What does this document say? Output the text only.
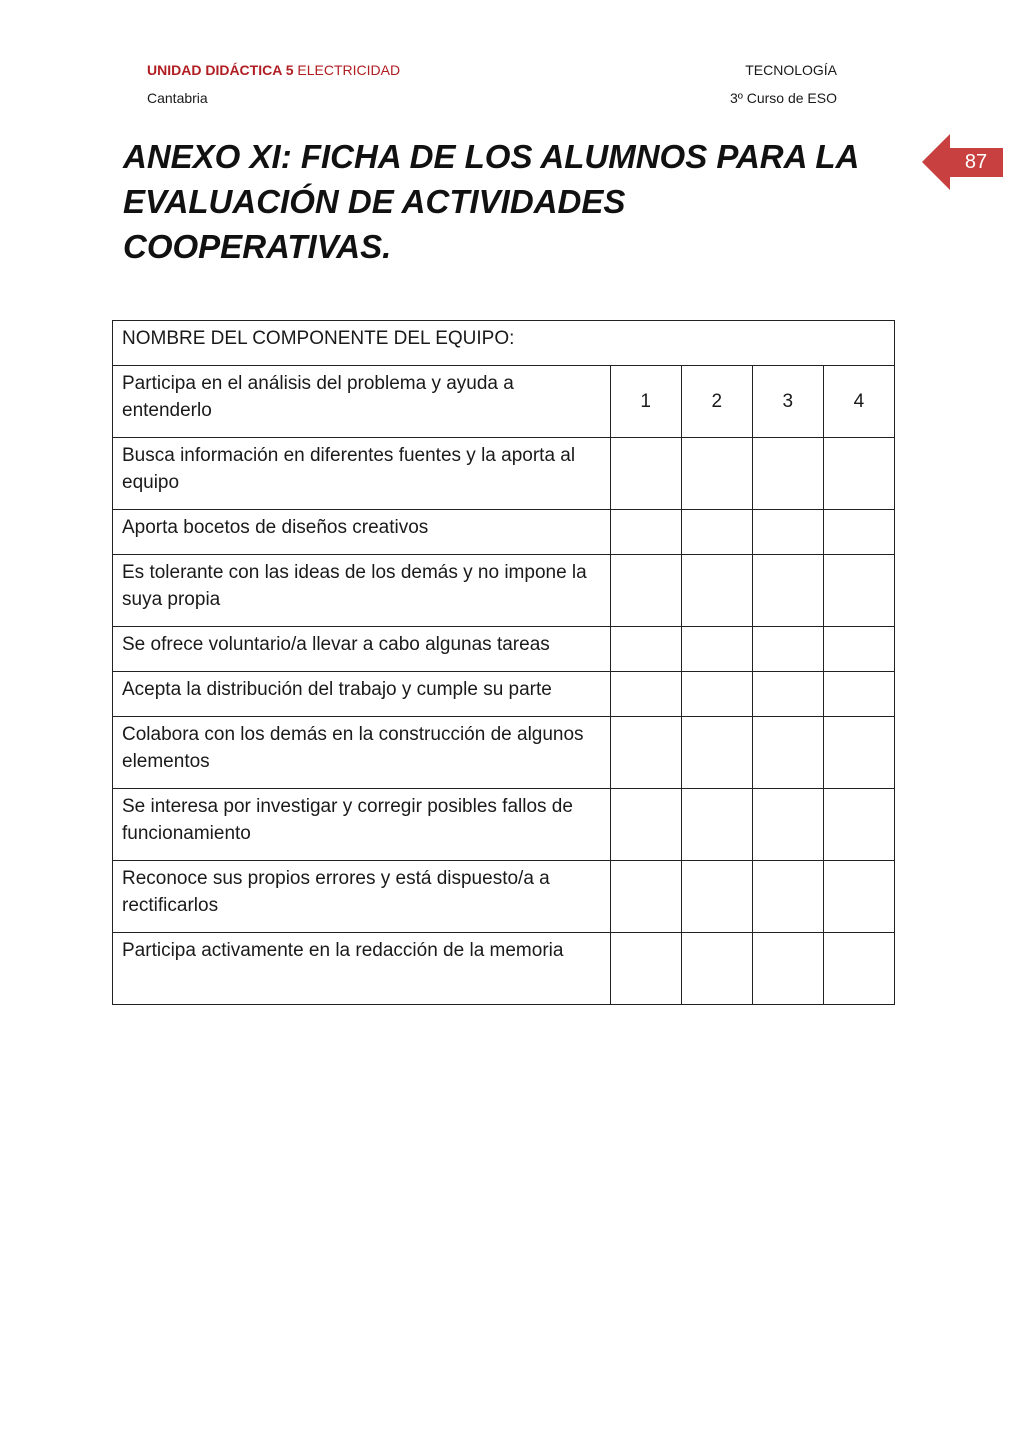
UNIDAD DIDÁCTICA 5 ELECTRICIDAD	TECNOLOGÍA
Cantabria	3º Curso de ESO
ANEXO XI: FICHA DE LOS ALUMNOS PARA LA
EVALUACIÓN DE ACTIVIDADES
COOPERATIVAS.
87
NOMBRE DEL COMPONENTE DEL EQUIPO:				
Participa en el análisis del problema y ayuda a entenderlo	1	2	3	4
Busca información en diferentes fuentes y la aporta al equipo				
Aporta bocetos de diseños creativos				
Es tolerante con las ideas de los demás y no impone la suya propia				
Se ofrece voluntario/a llevar a cabo algunas tareas				
Acepta la distribución del trabajo y cumple su parte				
Colabora con los demás en la construcción de algunos elementos				
Se interesa por investigar y corregir posibles fallos de funcionamiento				
Reconoce sus propios errores y está dispuesto/a a rectificarlos				
Participa activamente en la redacción de la memoria				
